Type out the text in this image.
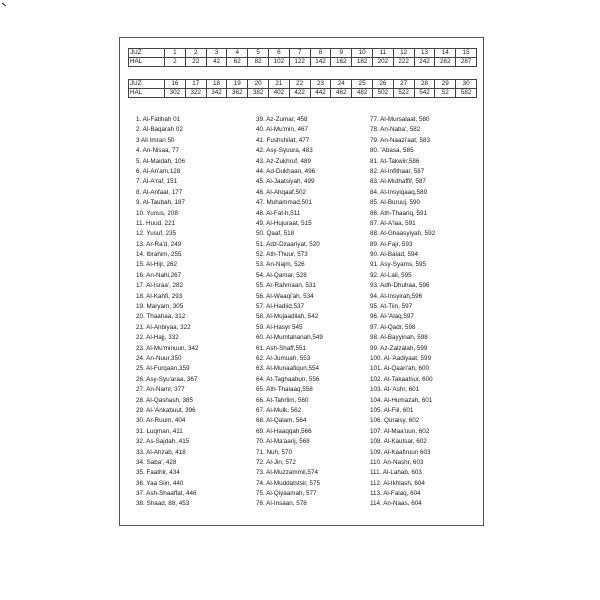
JUZ	1	2	3	4	5	6	7	8	9	10	11	12	13	14	15
HAL	2	22	42	62	82	102	122	142	162	182	202	222	242	262	287
JUZ	16	17	18	19	20	21	22	23	24	25	26	27	28	29	30
HAL	302	322	342	362	382	402	422	442	462	482	502	522	542	52	582
1. Al-Fatihah 01
2. Al-Baqarah 02
3 Ali Imran 50
4. An-Nisaa, 77
5. Al-Maidah, 106
6. Al-An'am,128
7. Al-A'raf, 151
8. Al-Anfaal, 177
9. Al-Taubah, 187
10. Yunus, 208
11. Huud, 221
12. Yusuf, 235
13. Ar-Ra'd, 249
14. Ibrahim, 255
15. Al-Hijr, 262
16. An-Nahl,267
17. Al-Israa', 282
18. Al-Kahfi, 293
19. Maryam, 305
20. Thaahaa, 312
21. Al-Anbiyaa, 322
22. Al-Hajj, 332
23. Al-Mu'minuun, 342
24. An-Nuur,350
25. Al-Furqaan,359
26. Asy-Syu'araa, 367
27. An-Naml, 377
28. Al-Qashash, 385
29. Al-'Ankabuut, 396
30. Ar-Ruum, 404
31. Luqman, 411
32. As-Sajdah ,415
33. Al-Ahzab, 418
34. Saba', 428
35. Faathir, 434
36. Yaa Siin, 440
37. Ash-Shaaffat, 446
38. Shaad, 88, 453
39. Az-Zumar, 458
40. Al-Mu'min, 467
41. Fushshilat, 477
42. Asy-Syuura, 483
43. Az-Zukhruf, 489
44. Ad-Dukhaan, 496
45. Al-Jaatsiyah, 499
46. Al-Ahqaaf,502
47. Muhammad,501
48. Al-Fat-h,511
49. Al-Hujuraat, 515
50. Qaaf, 518
51. Adz-Dzaariyat, 520
52. Ath-Thuur, 573
53. An-Najm, 526
54. Al-Qamar, 528
55. Ar-Rahmaan, 531
56. Al-Waaqi'ah, 534
57. Al-Hadiid,537
58. Al-Mujaadilah, 542
59. Al-Hasyr 545
60. Al-Mumtahanah,549
61. Ash-Shaff,551
62. Al-Jumuah, 553
63. Al-Munaafiqun,554
64. At-Taghaabun, 556
65. Ath-Thalaaq,558
66. At-Tahrlim, 560
67. Al-Mulk, 562
68. Al-Qalam, 564
69. Al-Haaqqah,566
70. Al-Ma'aarij, 568
71. Nuh, 570
72. Al-Jin, 572
73. Al-Muzzammil,574
74. Al-Muddatstsir, 575
75. Al-Qiyaamah, 577
76. Al-Insaan, 578
77. Al-Mursalaat, 580
78. An-Naba', 582
79. An-Naazi'aat, 583
80. 'Abasa, 585
81. At-Takwiir,586
82. Al-Infithaar, 587
83. Al-Muthaffif, 587
84. Al-Insyiqaaq,589
85. Al-Buruuj, 590
86. Ath-Thaariq, 591
87. Al-A'laa, 591
88. Al-Ghaasyiyah, 592
89. Al-Fajr, 593
90. Al-Balad, 594
91. Asy-Syams, 595
92. Al-Lail, 595
93. Adh-Dhuhaa, 596
94. Al-Insyirah,596
95. At-Tiin, 597
96. Al-'Alaq,597
97. Al-Qadr, 598
98. Al-Bayyinah, 598
99. Az-Zalzalah, 599
100. Al-'Aadiyaat, 599
101. Al-Qaari'ah, 600
102. At-Takaatsur, 600
103. Al-'Ashr, 601
104. Al-Humazah, 601
105. Al-Fiil, 601
106. Quraisy, 602
107. Al-Maa'uun, 602
108. Al-Kautsar, 602
109. Al-Kaafiruun 603
110. An-Nashr, 603
111. Al-Lahab, 603
112. Al-Ikhlash, 604
113. Al-Falaq, 604
114. An-Naas, 604
